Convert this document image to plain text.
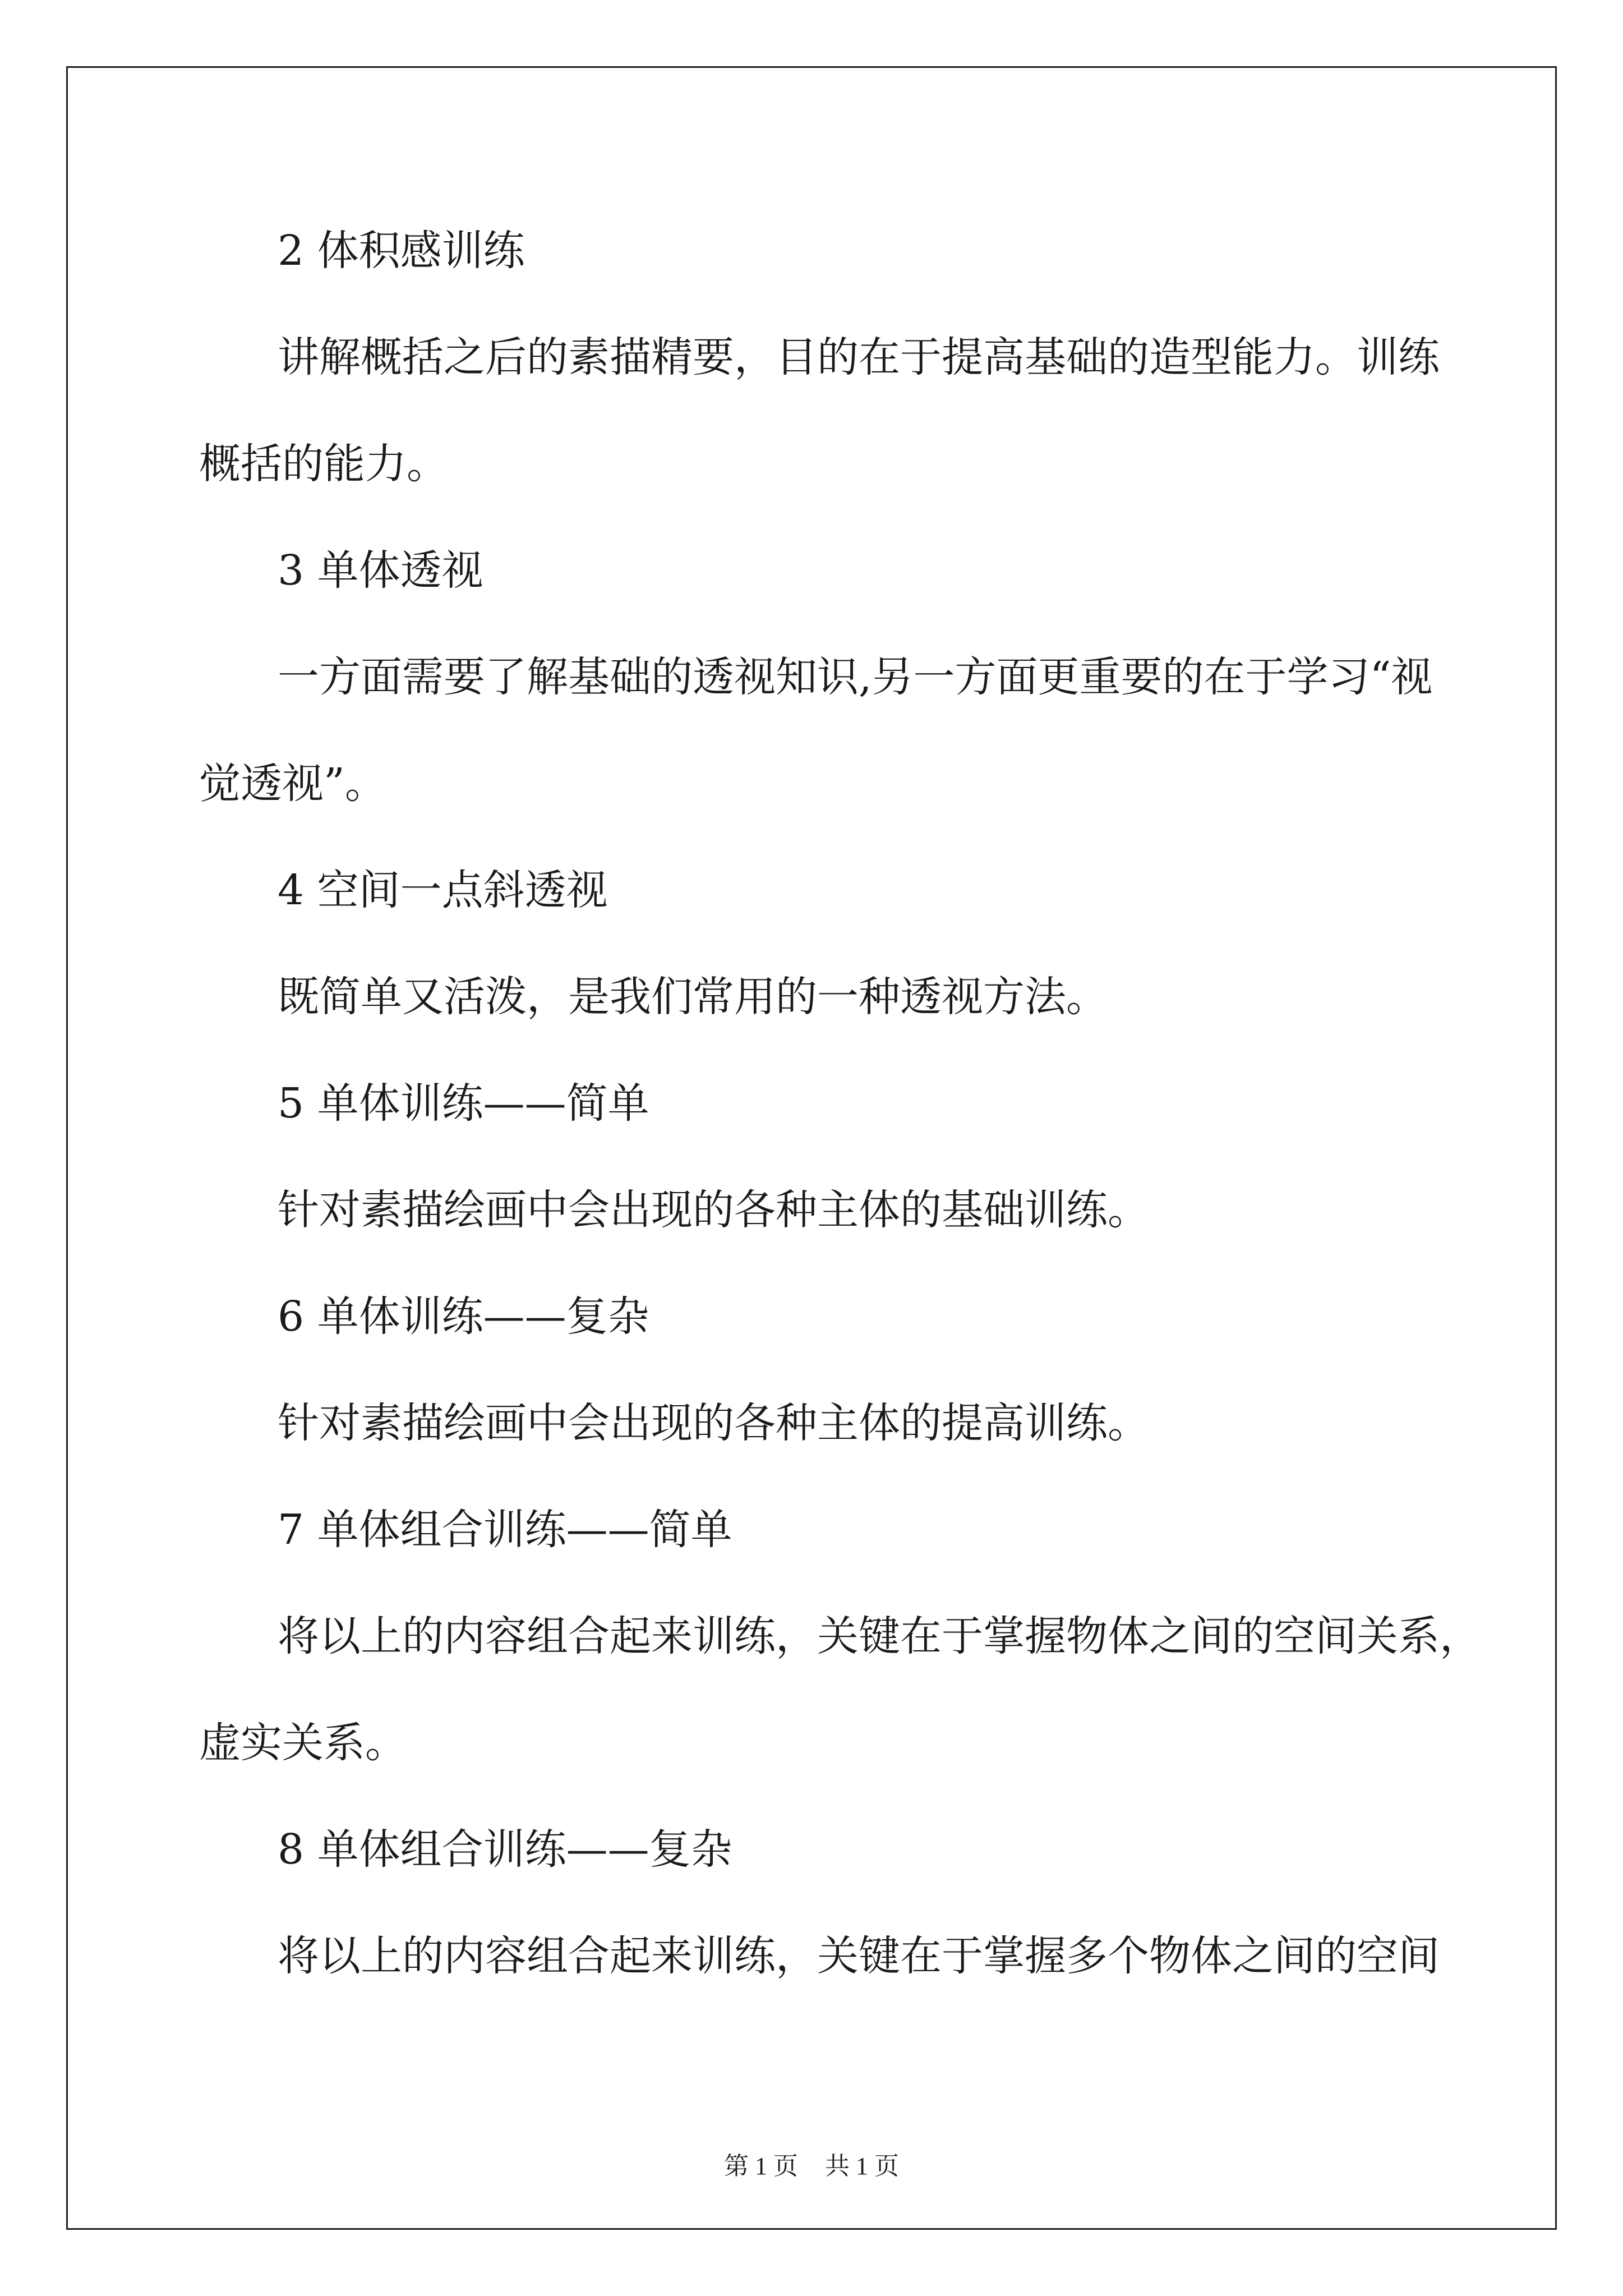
2 体积感训练
讲解概括之后的素描精要，目的在于提高基础的造型能力。训练
概括的能力。
3 单体透视
一方面需要了解基础的透视知识,另一方面更重要的在于学习“视
觉透视”。
4 空间一点斜透视
既简单又活泼，是我们常用的一种透视方法。
5 单体训练——简单
针对素描绘画中会出现的各种主体的基础训练。
6 单体训练——复杂
针对素描绘画中会出现的各种主体的提高训练。
7 单体组合训练——简单
将以上的内容组合起来训练，关键在于掌握物体之间的空间关系，
虚实关系。
8 单体组合训练——复杂
将以上的内容组合起来训练，关键在于掌握多个物体之间的空间
第 1 页 共 1 页
